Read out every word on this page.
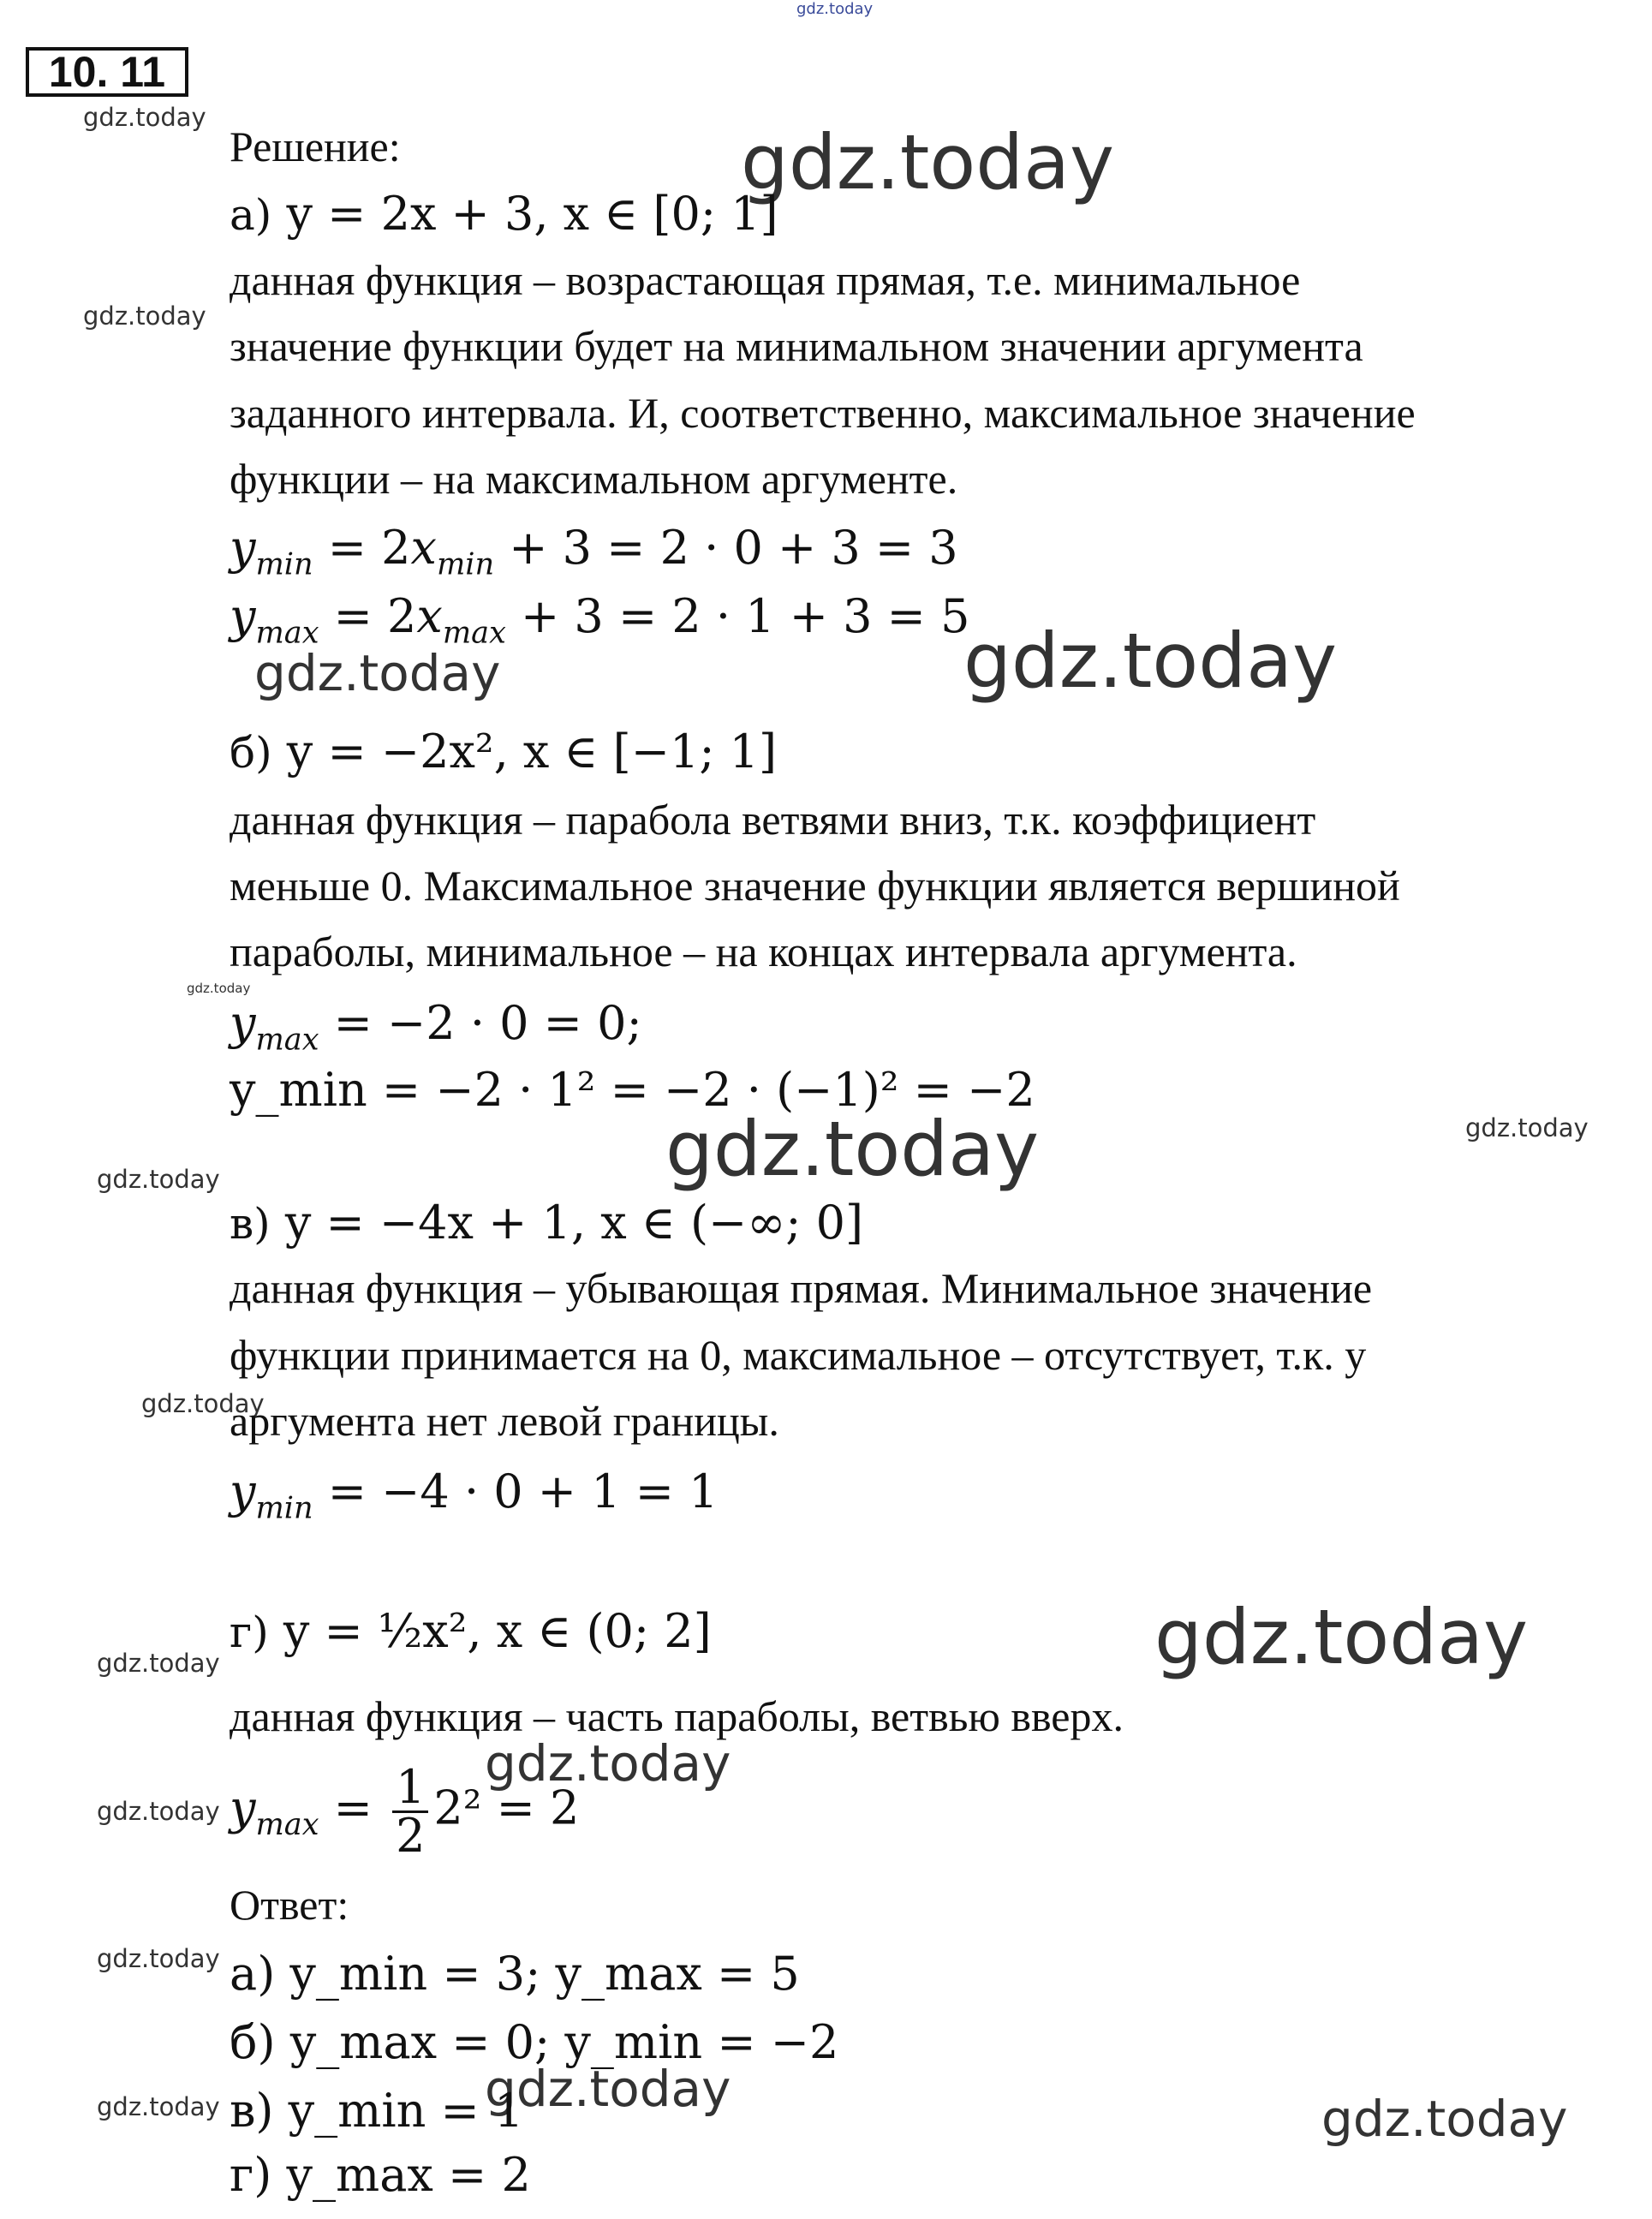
gdz.today
gdz.today
gdz.today
gdz.today
gdz.today	gdz.today
gdz.today
gdz.today
gdz.today
gdz.today
gdz.today
gdz.today	gdz.today
gdz.today
gdz.today
gdz.today
gdz.today	gdz.today
gdz.today
10. 11
Решение:
а) y = 2x + 3, x ∈ [0; 1]
данная функция – возрастающая прямая, т.е. минимальное
значение функции будет на минимальном значении аргумента
заданного интервала. И, соответственно, максимальное значение
функции – на максимальном аргументе.
$y_{min} = 2x_{min} + 3 = 2 \cdot 0 + 3 = 3$
$y_{max} = 2x_{max} + 3 = 2 \cdot 1 + 3 = 5$
б) y = −2x², x ∈ [−1; 1]
данная функция – парабола ветвями вниз, т.к. коэффициент
меньше 0. Максимальное значение функции является вершиной
параболы, минимальное – на концах интервала аргумента.
$y_{max} = -2 \cdot 0 = 0$;
y_min = −2 · 1² = −2 · (−1)² = −2
в) y = −4x + 1, x ∈ (−∞; 0]
данная функция – убывающая прямая. Минимальное значение
функции принимается на 0, максимальное – отсутствует, т.к. у
аргумента нет левой границы.
$y_{min} = -4 \cdot 0 + 1 = 1$
г) y = ½x², x ∈ (0; 2]
данная функция – часть параболы, ветвью вверх.
$y_{max} = \frac{1}{2} 2^2 = 2$
Ответ:
а) y_min = 3; y_max = 5
б) y_max = 0; y_min = −2
в) y_min = 1
г) y_max = 2
